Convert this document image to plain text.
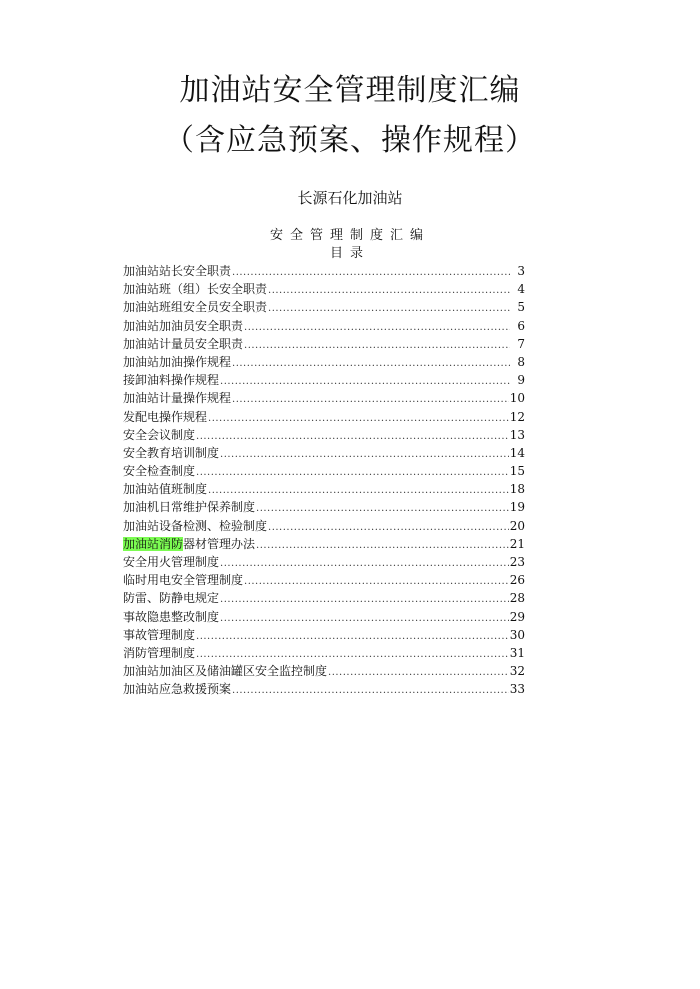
加油站安全管理制度汇编
（含应急预案、操作规程）
长源石化加油站
安全管理制度汇编
目录
加油站站长安全职责 .....	3
加油站班（组）长安全职责 .....	4
加油站班组安全员安全职责 .....	5
加油站加油员安全职责 .....	6
加油站计量员安全职责 .....	7
加油站加油操作规程 .....	8
接卸油料操作规程 .....	9
加油站计量操作规程 .....	10
发配电操作规程 .....	12
安全会议制度 .....	13
安全教育培训制度 .....	14
安全检查制度 .....	15
加油站值班制度 .....	18
加油机日常维护保养制度 .....	19
加油站设备检测、检验制度 .....	20
加油站消防器材管理办法 .....	21
安全用火管理制度 .....	23
临时用电安全管理制度 .....	26
防雷、防静电规定 .....	28
事故隐患整改制度 .....	29
事故管理制度 .....	30
消防管理制度 .....	31
加油站加油区及储油罐区安全监控制度 .....	32
加油站应急救援预案 .....	33
